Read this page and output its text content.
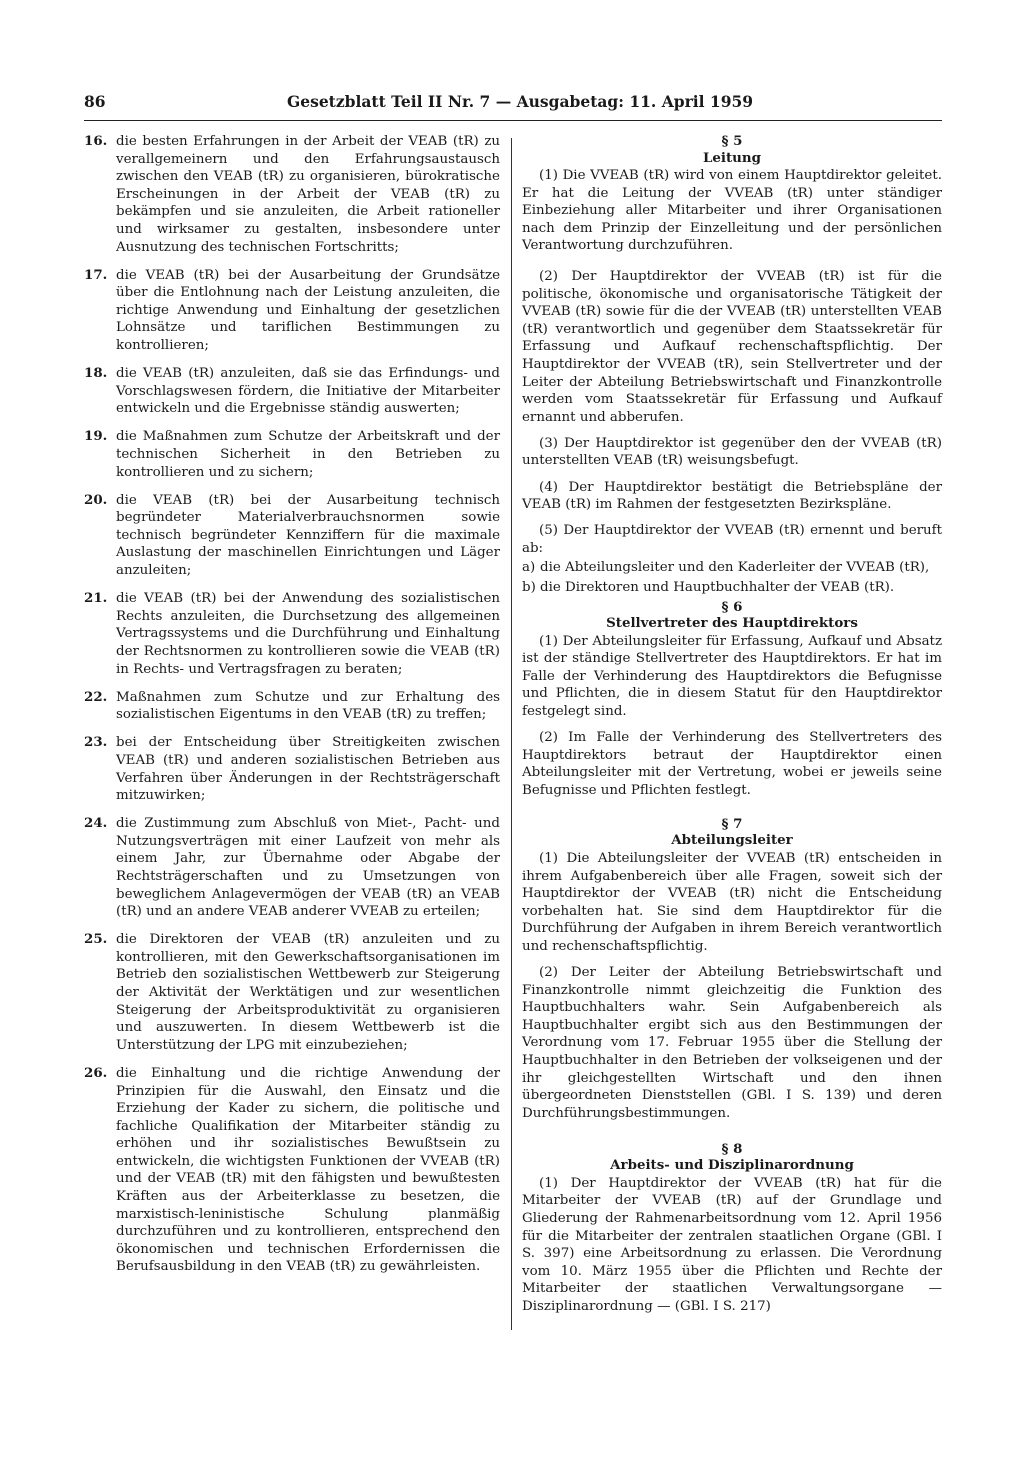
86	Gesetzblatt Teil II Nr. 7 — Ausgabetag: 11. April 1959
16. die besten Erfahrungen in der Arbeit der VEAB (tR) zu verallgemeinern und den Erfahrungsaustausch zwischen den VEAB (tR) zu organisieren, bürokratische Erscheinungen in der Arbeit der VEAB (tR) zu bekämpfen und sie anzuleiten, die Arbeit rationeller und wirksamer zu gestalten, insbesondere unter Ausnutzung des technischen Fortschritts;
17. die VEAB (tR) bei der Ausarbeitung der Grundsätze über die Entlohnung nach der Leistung anzuleiten, die richtige Anwendung und Einhaltung der gesetzlichen Lohnsätze und tariflichen Bestimmungen zu kontrollieren;
18. die VEAB (tR) anzuleiten, daß sie das Erfindungs- und Vorschlagswesen fördern, die Initiative der Mitarbeiter entwickeln und die Ergebnisse ständig auswerten;
19. die Maßnahmen zum Schutze der Arbeitskraft und der technischen Sicherheit in den Betrieben zu kontrollieren und zu sichern;
20. die VEAB (tR) bei der Ausarbeitung technisch begründeter Materialverbrauchsnormen sowie technisch begründeter Kennziffern für die maximale Auslastung der maschinellen Einrichtungen und Läger anzuleiten;
21. die VEAB (tR) bei der Anwendung des sozialistischen Rechts anzuleiten, die Durchsetzung des allgemeinen Vertragssystems und die Durchführung und Einhaltung der Rechtsnormen zu kontrollieren sowie die VEAB (tR) in Rechts- und Vertragsfragen zu beraten;
22. Maßnahmen zum Schutze und zur Erhaltung des sozialistischen Eigentums in den VEAB (tR) zu treffen;
23. bei der Entscheidung über Streitigkeiten zwischen VEAB (tR) und anderen sozialistischen Betrieben aus Verfahren über Änderungen in der Rechtsträgerschaft mitzuwirken;
24. die Zustimmung zum Abschluß von Miet-, Pacht- und Nutzungsverträgen mit einer Laufzeit von mehr als einem Jahr, zur Übernahme oder Abgabe der Rechtsträgerschaften und zu Umsetzungen von beweglichem Anlagevermögen der VEAB (tR) an VEAB (tR) und an andere VEAB anderer VVEAB zu erteilen;
25. die Direktoren der VEAB (tR) anzuleiten und zu kontrollieren, mit den Gewerkschaftsorganisationen im Betrieb den sozialistischen Wettbewerb zur Steigerung der Aktivität der Werktätigen und zur wesentlichen Steigerung der Arbeitsproduktivität zu organisieren und auszuwerten. In diesem Wettbewerb ist die Unterstützung der LPG mit einzubeziehen;
26. die Einhaltung und die richtige Anwendung der Prinzipien für die Auswahl, den Einsatz und die Erziehung der Kader zu sichern, die politische und fachliche Qualifikation der Mitarbeiter ständig zu erhöhen und ihr sozialistisches Bewußtsein zu entwickeln, die wichtigsten Funktionen der VVEAB (tR) und der VEAB (tR) mit den fähigsten und bewußtesten Kräften aus der Arbeiterklasse zu besetzen, die marxistisch-leninistische Schulung planmäßig durchzuführen und zu kontrollieren, entsprechend den ökonomischen und technischen Erfordernissen die Berufsausbildung in den VEAB (tR) zu gewährleisten.

§ 5

Leitung

(1) Die VVEAB (tR) wird von einem Hauptdirektor geleitet. Er hat die Leitung der VVEAB (tR) unter ständiger Einbeziehung aller Mitarbeiter und ihrer Organisationen nach dem Prinzip der Einzelleitung und der persönlichen Verantwortung durchzuführen.

(2) Der Hauptdirektor der VVEAB (tR) ist für die politische, ökonomische und organisatorische Tätigkeit der VVEAB (tR) sowie für die der VVEAB (tR) unterstellten VEAB (tR) verantwortlich und gegenüber dem Staatssekretär für Erfassung und Aufkauf rechenschaftspflichtig. Der Hauptdirektor der VVEAB (tR), sein Stellvertreter und der Leiter der Abteilung Betriebswirtschaft und Finanzkontrolle werden vom Staatssekretär für Erfassung und Aufkauf ernannt und abberufen.

(3) Der Hauptdirektor ist gegenüber den der VVEAB (tR) unterstellten VEAB (tR) weisungsbefugt.

(4) Der Hauptdirektor bestätigt die Betriebspläne der VEAB (tR) im Rahmen der festgesetzten Bezirkspläne.

(5) Der Hauptdirektor der VVEAB (tR) ernennt und beruft ab:

a) die Abteilungsleiter und den Kaderleiter der VVEAB (tR),
b) die Direktoren und Hauptbuchhalter der VEAB (tR).

§ 6

Stellvertreter des Hauptdirektors

(1) Der Abteilungsleiter für Erfassung, Aufkauf und Absatz ist der ständige Stellvertreter des Hauptdirektors. Er hat im Falle der Verhinderung des Hauptdirektors die Befugnisse und Pflichten, die in diesem Statut für den Hauptdirektor festgelegt sind.

(2) Im Falle der Verhinderung des Stellvertreters des Hauptdirektors betraut der Hauptdirektor einen Abteilungsleiter mit der Vertretung, wobei er jeweils seine Befugnisse und Pflichten festlegt.

§ 7

Abteilungsleiter

(1) Die Abteilungsleiter der VVEAB (tR) entscheiden in ihrem Aufgabenbereich über alle Fragen, soweit sich der Hauptdirektor der VVEAB (tR) nicht die Entscheidung vorbehalten hat. Sie sind dem Hauptdirektor für die Durchführung der Aufgaben in ihrem Bereich verantwortlich und rechenschaftspflichtig.

(2) Der Leiter der Abteilung Betriebswirtschaft und Finanzkontrolle nimmt gleichzeitig die Funktion des Hauptbuchhalters wahr. Sein Aufgabenbereich als Hauptbuchhalter ergibt sich aus den Bestimmungen der Verordnung vom 17. Februar 1955 über die Stellung der Hauptbuchhalter in den Betrieben der volkseigenen und der ihr gleichgestellten Wirtschaft und den ihnen übergeordneten Dienststellen (GBl. I S. 139) und deren Durchführungsbestimmungen.

§ 8

Arbeits- und Disziplinarordnung

(1) Der Hauptdirektor der VVEAB (tR) hat für die Mitarbeiter der VVEAB (tR) auf der Grundlage und Gliederung der Rahmenarbeitsordnung vom 12. April 1956 für die Mitarbeiter der zentralen staatlichen Organe (GBl. I S. 397) eine Arbeitsordnung zu erlassen. Die Verordnung vom 10. März 1955 über die Pflichten und Rechte der Mitarbeiter der staatlichen Verwaltungsorgane — Disziplinarordnung — (GBl. I S. 217)
